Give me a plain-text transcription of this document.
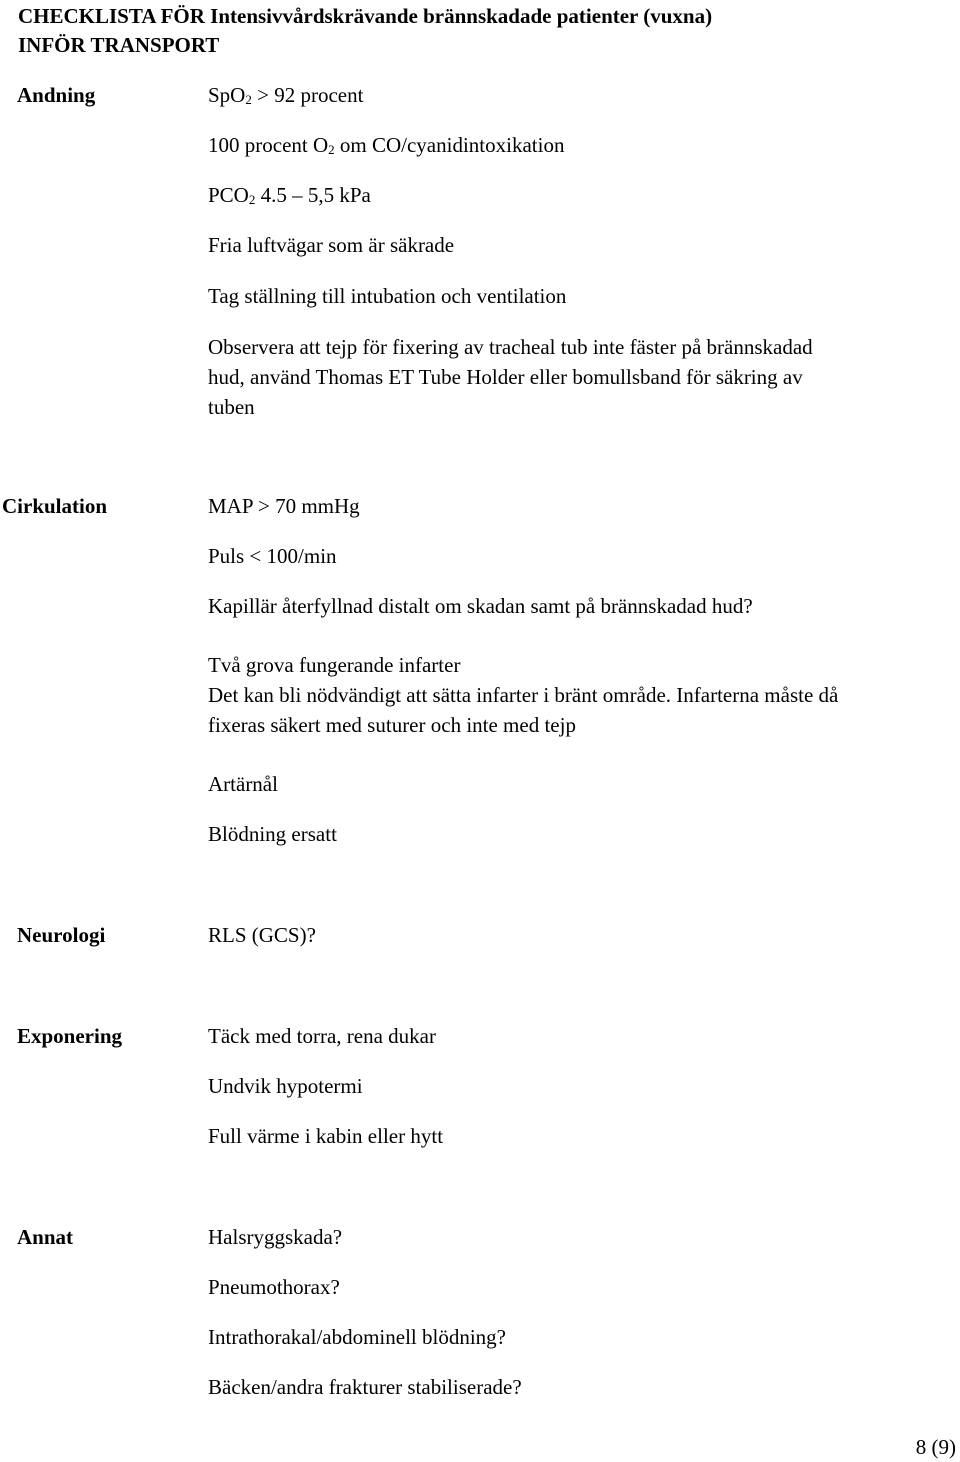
CHECKLISTA FÖR Intensivvårdskrävande brännskadade patienter (vuxna)
INFÖR TRANSPORT
Andning	SpO$_2$ > 92 procent
100 procent $O_2$ om CO/cyanidintoxikation
$PCO_2$ 4.5 – 5,5 kPa
Fria luftvägar som är säkrade
Tag ställning till intubation och ventilation
Observera att tejp för fixering av tracheal tub inte fäster på brännskadad
hud, använd Thomas ET Tube Holder eller bomullsband för säkring av
tuben
Cirkulation	MAP > 70 mmHg
Puls < 100/min
Kapillär återfyllnad distalt om skadan samt på brännskadad hud?
Två grova fungerande infarter
Det kan bli nödvändigt att sätta infarter i bränt område. Infarterna måste då
fixeras säkert med suturer och inte med tejp
Artärnål
Blödning ersatt
Neurologi	RLS (GCS)?
Exponering	Täck med torra, rena dukar
Undvik hypotermi
Full värme i kabin eller hytt
Annat	Halsryggskada?
Pneumothorax?
Intrathorakal/abdominell blödning?
Bäcken/andra frakturer stabiliserade?
8 (9)
